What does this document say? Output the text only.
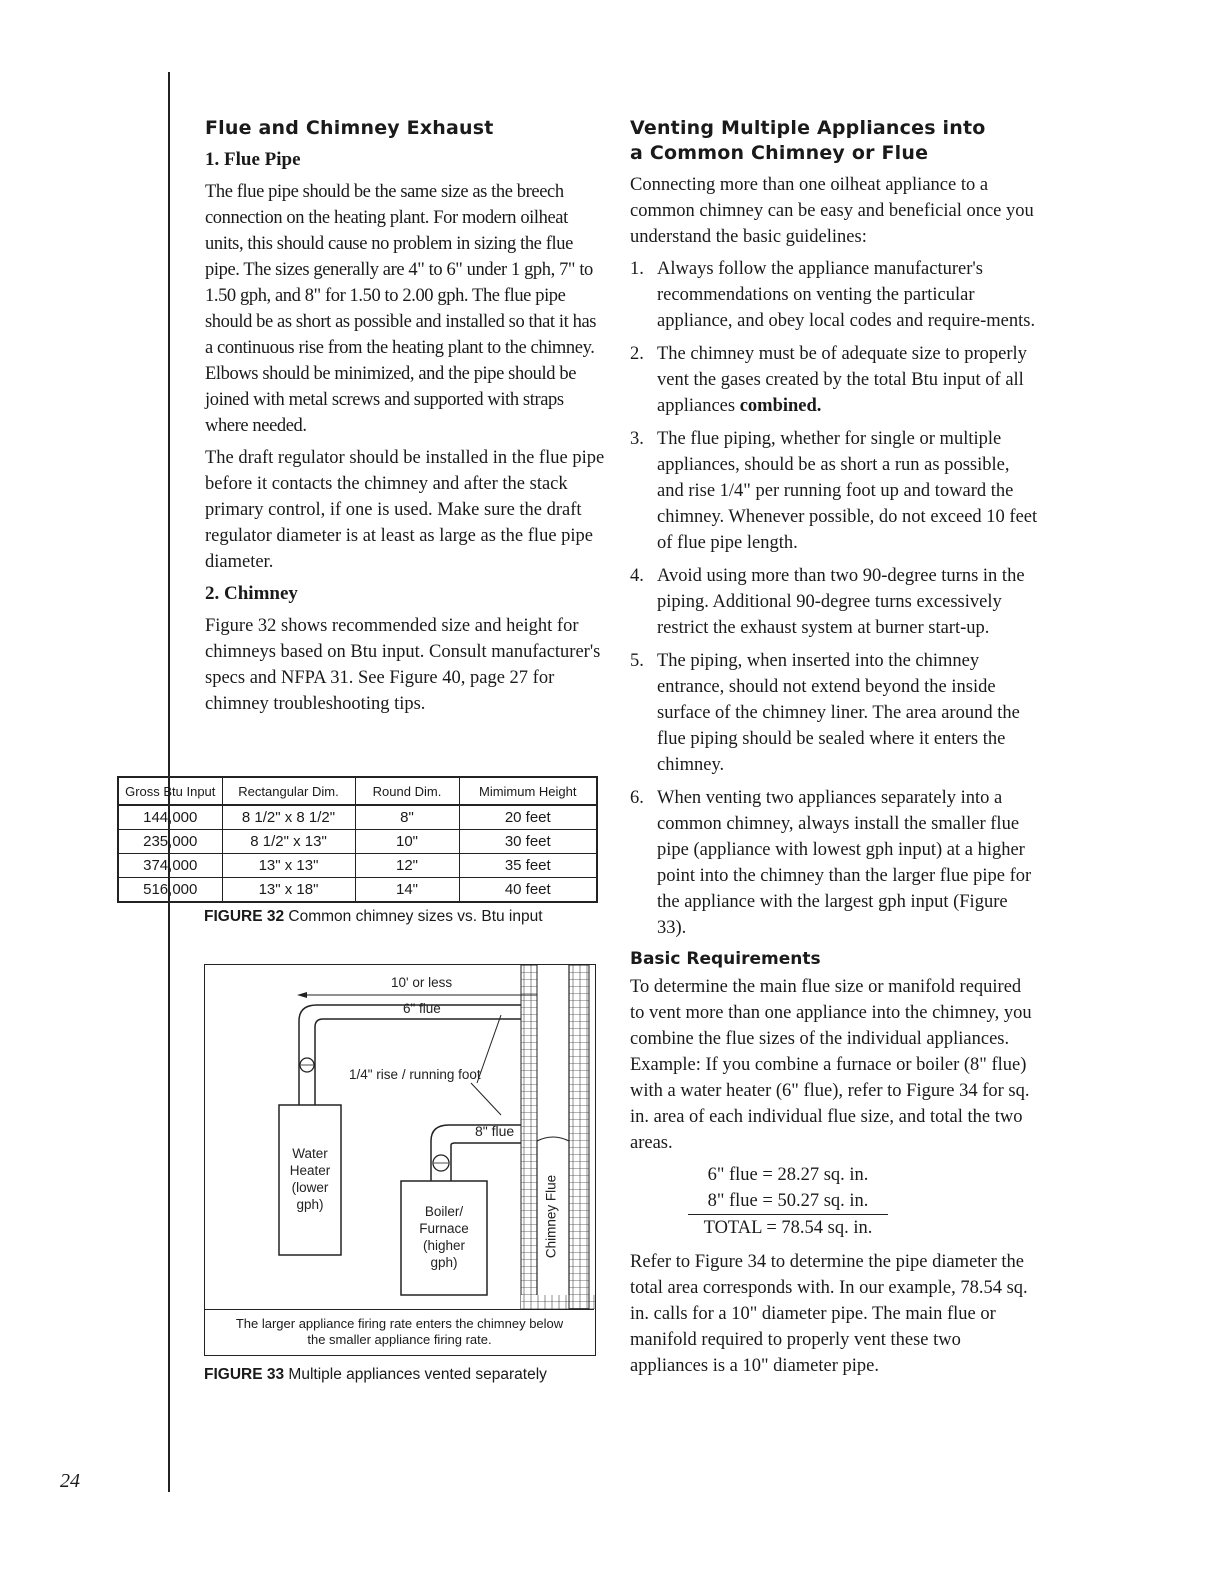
Flue and Chimney Exhaust
1. Flue Pipe

The flue pipe should be the same size as the breech connection on the heating plant. For modern oilheat units, this should cause no problem in sizing the flue pipe. The sizes generally are 4" to 6" under 1 gph, 7" to 1.50 gph, and 8" for 1.50 to 2.00 gph. The flue pipe should be as short as possible and installed so that it has a continuous rise from the heating plant to the chimney. Elbows should be minimized, and the pipe should be joined with metal screws and supported with straps where needed.

The draft regulator should be installed in the flue pipe before it contacts the chimney and after the stack primary control, if one is used. Make sure the draft regulator diameter is at least as large as the flue pipe diameter.

2. Chimney

Figure 32 shows recommended size and height for chimneys based on Btu input. Consult manufacturer's specs and NFPA 31. See Figure 40, page 27 for chimney troubleshooting tips.

Gross Btu Input	Rectangular Dim.	Round Dim.	Mimimum Height
144,000	8 1/2" x 8 1/2"	8"	20 feet
235,000	8 1/2" x 13"	10"	30 feet
374,000	13" x 13"	12"	35 feet
516,000	13" x 18"	14"	40 feet
FIGURE 32 Common chimney sizes vs. Btu input
10' or less
6" flue
1/4" rise / running foot
8" flue
Water
Heater
(lower
gph)	Boiler/
Furnace
(higher
gph)
Chimney Flue
The larger appliance firing rate enters the chimney below
the smaller appliance firing rate.
FIGURE 33 Multiple appliances vented separately
Venting Multiple Appliances into
a Common Chimney or Flue

Connecting more than one oilheat appliance to a common chimney can be easy and beneficial once you understand the basic guidelines:

1. Always follow the appliance manufacturer's recommendations on venting the particular appliance, and obey local codes and require-ments.
2. The chimney must be of adequate size to properly vent the gases created by the total Btu input of all appliances combined.
3. The flue piping, whether for single or multiple appliances, should be as short a run as possible, and rise 1/4" per running foot up and toward the chimney. Whenever possible, do not exceed 10 feet of flue pipe length.
4. Avoid using more than two 90-degree turns in the piping. Additional 90-degree turns excessively restrict the exhaust system at burner start-up.
5. The piping, when inserted into the chimney entrance, should not extend beyond the inside surface of the chimney liner. The area around the flue piping should be sealed where it enters the chimney.
6. When venting two appliances separately into a common chimney, always install the smaller flue pipe (appliance with lowest gph input) at a higher point into the chimney than the larger flue pipe for the appliance with the largest gph input (Figure 33).
Basic Requirements

To determine the main flue size or manifold required to vent more than one appliance into the chimney, you combine the flue sizes of the individual appliances. Example: If you combine a furnace or boiler (8" flue) with a water heater (6" flue), refer to Figure 34 for sq. in. area of each individual flue size, and total the two areas.

6" flue = 28.27 sq. in.
8" flue = 50.27 sq. in.
TOTAL = 78.54 sq. in.

Refer to Figure 34 to determine the pipe diameter the total area corresponds with. In our example, 78.54 sq. in. calls for a 10" diameter pipe. The main flue or manifold required to properly vent these two appliances is a 10" diameter pipe.

24
